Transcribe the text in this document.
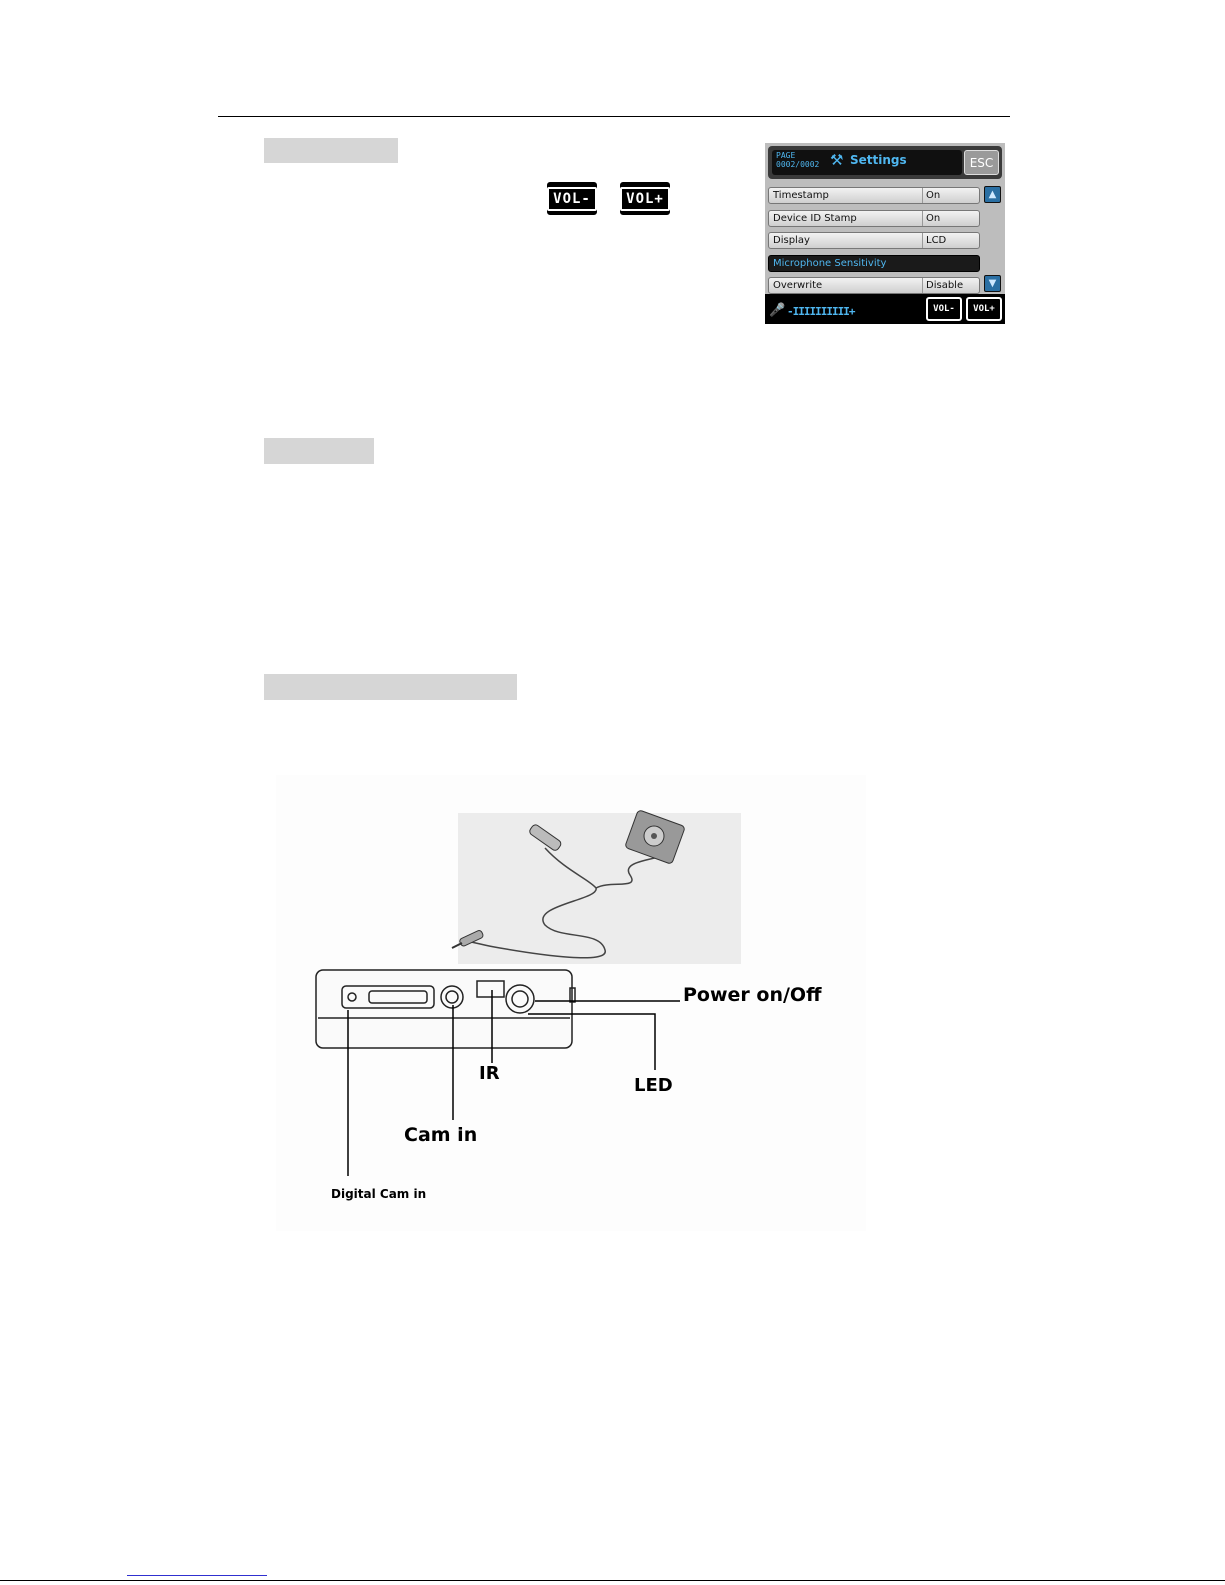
VOL-	VOL+
PAGE
0002/0002 ⚒ Settings	ESC
Timestamp	On
Device ID Stamp	On
Display	LCD
Microphone Sensitivity
Overwrite	Disable
▲
▼
🎤 -IIIIIIIIII+	VOL-	VOL+
Power on/Off
IR
LED
Cam in
Digital Cam in
